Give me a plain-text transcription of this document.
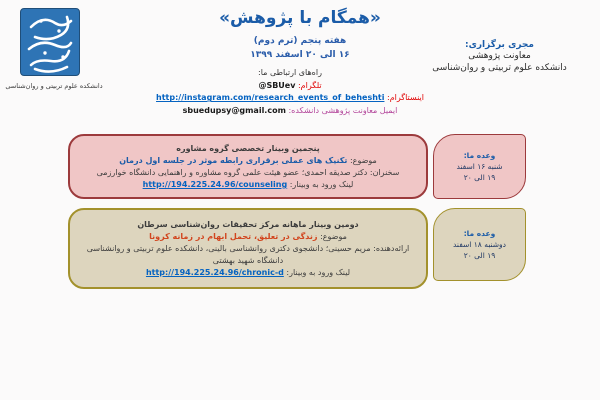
دانشکده علوم تربیتی و روان‌شناسی
«همگام با پژوهش»
هفته پنجم (ترم دوم)
۱۶ الی ۲۰ اسفند ۱۳۹۹
مجری برگزاری:
معاونت پژوهشی
دانشکده علوم تربیتی و روان‌شناسی
راه‌های ارتباطی ما:
تلگرام: @SBUev
اینستاگرام: http://instagram.com/research_events_of_beheshti
ایمیل معاونت پژوهشی دانشکده: sbuedupsy@gmail.com
پنجمین وبینار تخصصی گروه مشاوره
موضوع: تکنیک های عملی برقراری رابطه موثر در جلسه اول درمان
سخنران: دکتر صدیقه احمدی؛ عضو هیئت علمی گروه مشاوره و راهنمایی دانشگاه خوارزمی
لینک ورود به وبینار: http://194.225.24.96/counseling
وعده ما:
شنبه ۱۶ اسفند
۱۹ الی ۲۰
دومین وبینار ماهانه مرکز تحقیقات روان‌شناسی سرطان
موضوع: زندگی در تعلیق، تحمل ابهام در زمانه کرونا
ارائه‌دهنده: مریم حسینی؛ دانشجوی دکتری روانشناسی بالینی، دانشکده علوم تربیتی و روانشناسی
دانشگاه شهید بهشتی
لینک ورود به وبینار: http://194.225.24.96/chronic-d
وعده ما:
دوشنبه ۱۸ اسفند
۱۹ الی ۲۰
